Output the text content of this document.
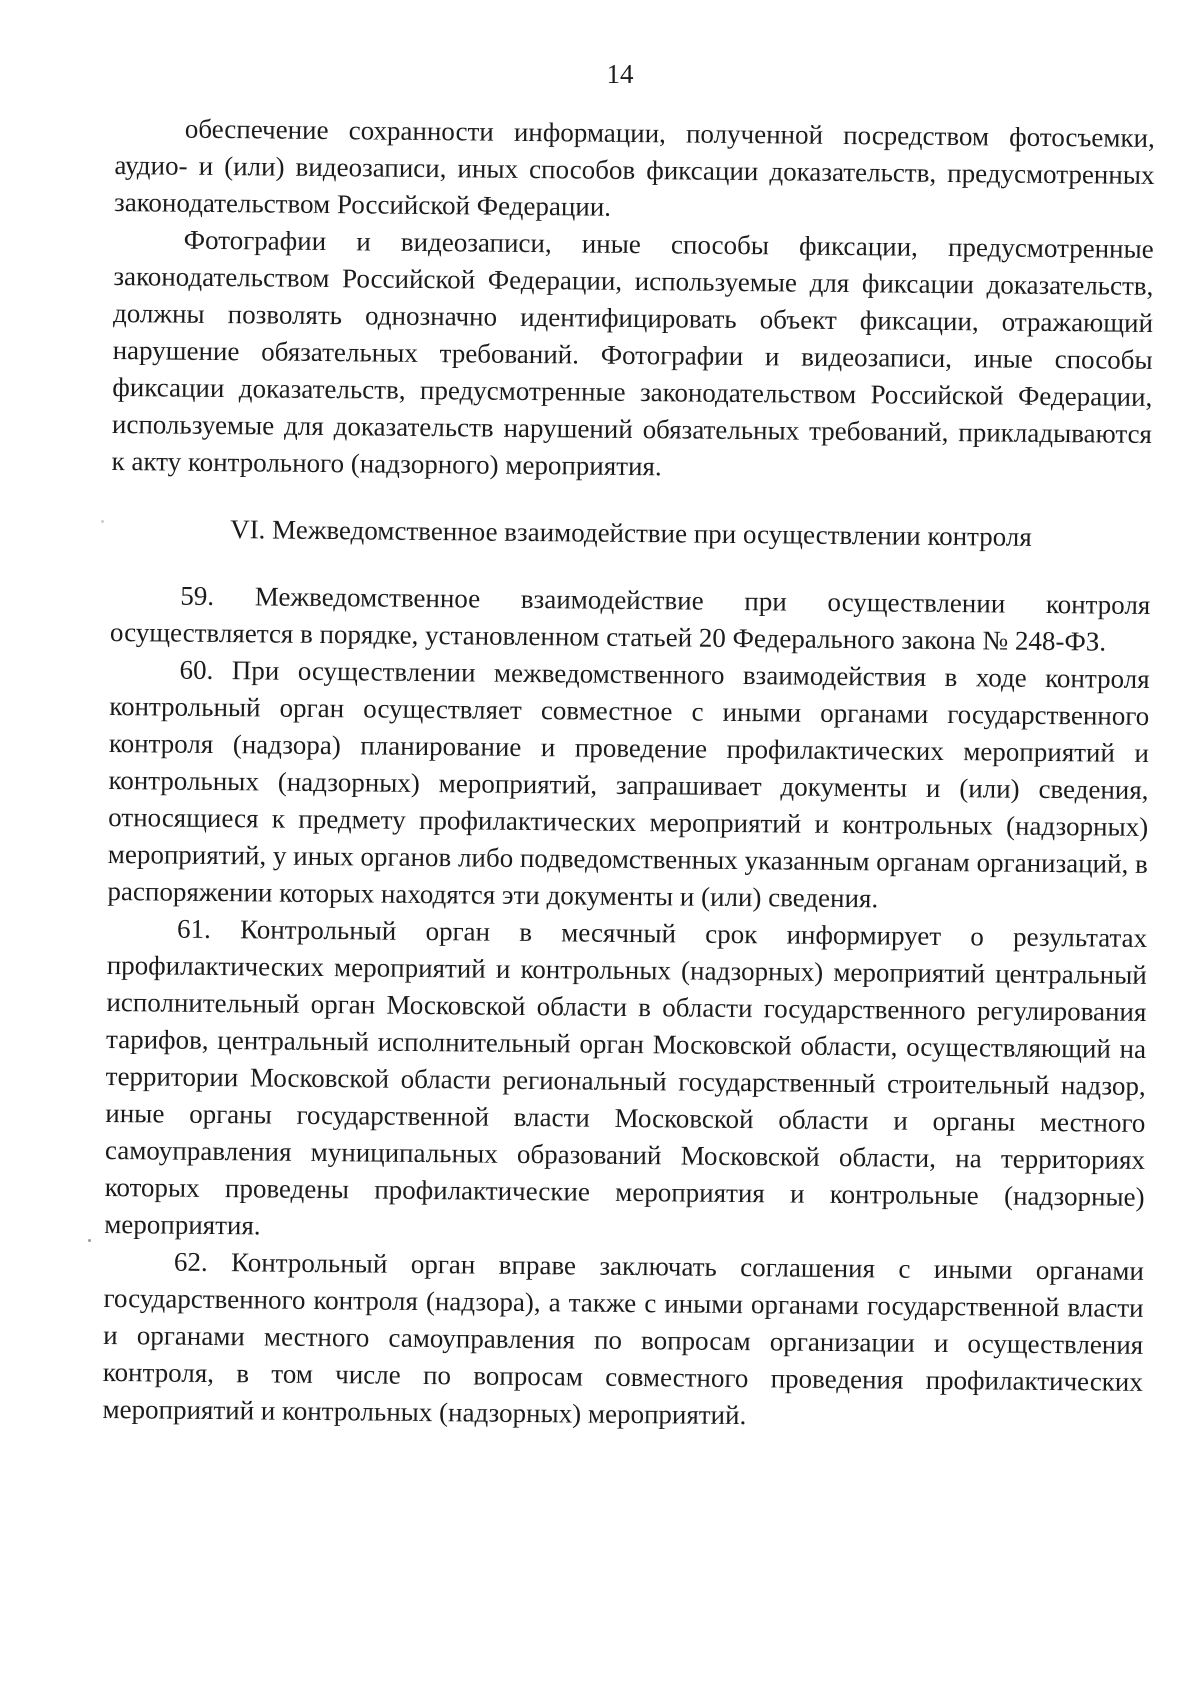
14

обеспечение сохранности информации, полученной посредством фотосъемки, аудио- и (или) видеозаписи, иных способов фиксации доказательств, предусмотренных законодательством Российской Федерации.

Фотографии и видеозаписи, иные способы фиксации, предусмотренные законодательством Российской Федерации, используемые для фиксации доказательств, должны позволять однозначно идентифицировать объект фиксации, отражающий нарушение обязательных требований. Фотографии и видеозаписи, иные способы фиксации доказательств, предусмотренные законодательством Российской Федерации, используемые для доказательств нарушений обязательных требований, прикладываются к акту контрольного (надзорного) мероприятия.

VI. Межведомственное взаимодействие при осуществлении контроля

59. Межведомственное взаимодействие при осуществлении контроля осуществляется в порядке, установленном статьей 20 Федерального закона № 248-ФЗ.

60. При осуществлении межведомственного взаимодействия в ходе контроля контрольный орган осуществляет совместное с иными органами государственного контроля (надзора) планирование и проведение профилактических мероприятий и контрольных (надзорных) мероприятий, запрашивает документы и (или) сведения, относящиеся к предмету профилактических мероприятий и контрольных (надзорных) мероприятий, у иных органов либо подведомственных указанным органам организаций, в распоряжении которых находятся эти документы и (или) сведения.

61. Контрольный орган в месячный срок информирует о результатах профилактических мероприятий и контрольных (надзорных) мероприятий центральный исполнительный орган Московской области в области государственного регулирования тарифов, центральный исполнительный орган Московской области, осуществляющий на территории Московской области региональный государственный строительный надзор, иные органы государственной власти Московской области и органы местного самоуправления муниципальных образований Московской области, на территориях которых проведены профилактические мероприятия и контрольные (надзорные) мероприятия.

62. Контрольный орган вправе заключать соглашения с иными органами государственного контроля (надзора), а также с иными органами государственной власти и органами местного самоуправления по вопросам организации и осуществления контроля, в том числе по вопросам совместного проведения профилактических мероприятий и контрольных (надзорных) мероприятий.
